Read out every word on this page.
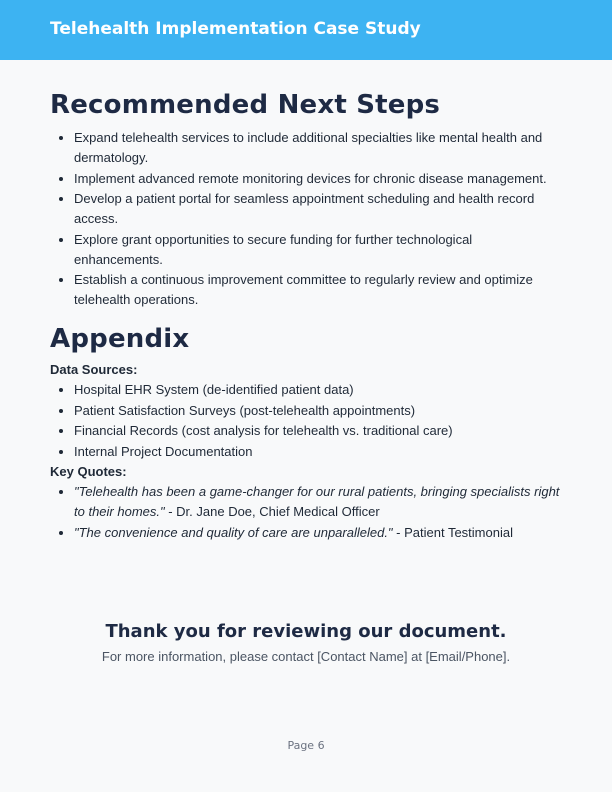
Telehealth Implementation Case Study
Recommended Next Steps
• Expand telehealth services to include additional specialties like mental health and dermatology.
• Implement advanced remote monitoring devices for chronic disease management.
• Develop a patient portal for seamless appointment scheduling and health record access.
• Explore grant opportunities to secure funding for further technological enhancements.
• Establish a continuous improvement committee to regularly review and optimize telehealth operations.
Appendix

Data Sources:

• Hospital EHR System (de-identified patient data)
• Patient Satisfaction Surveys (post-telehealth appointments)
• Financial Records (cost analysis for telehealth vs. traditional care)
• Internal Project Documentation

Key Quotes:

• "Telehealth has been a game-changer for our rural patients, bringing specialists right to their homes." - Dr. Jane Doe, Chief Medical Officer
• "The convenience and quality of care are unparalleled." - Patient Testimonial

Thank you for reviewing our document.

For more information, please contact [Contact Name] at [Email/Phone].

Page 6
